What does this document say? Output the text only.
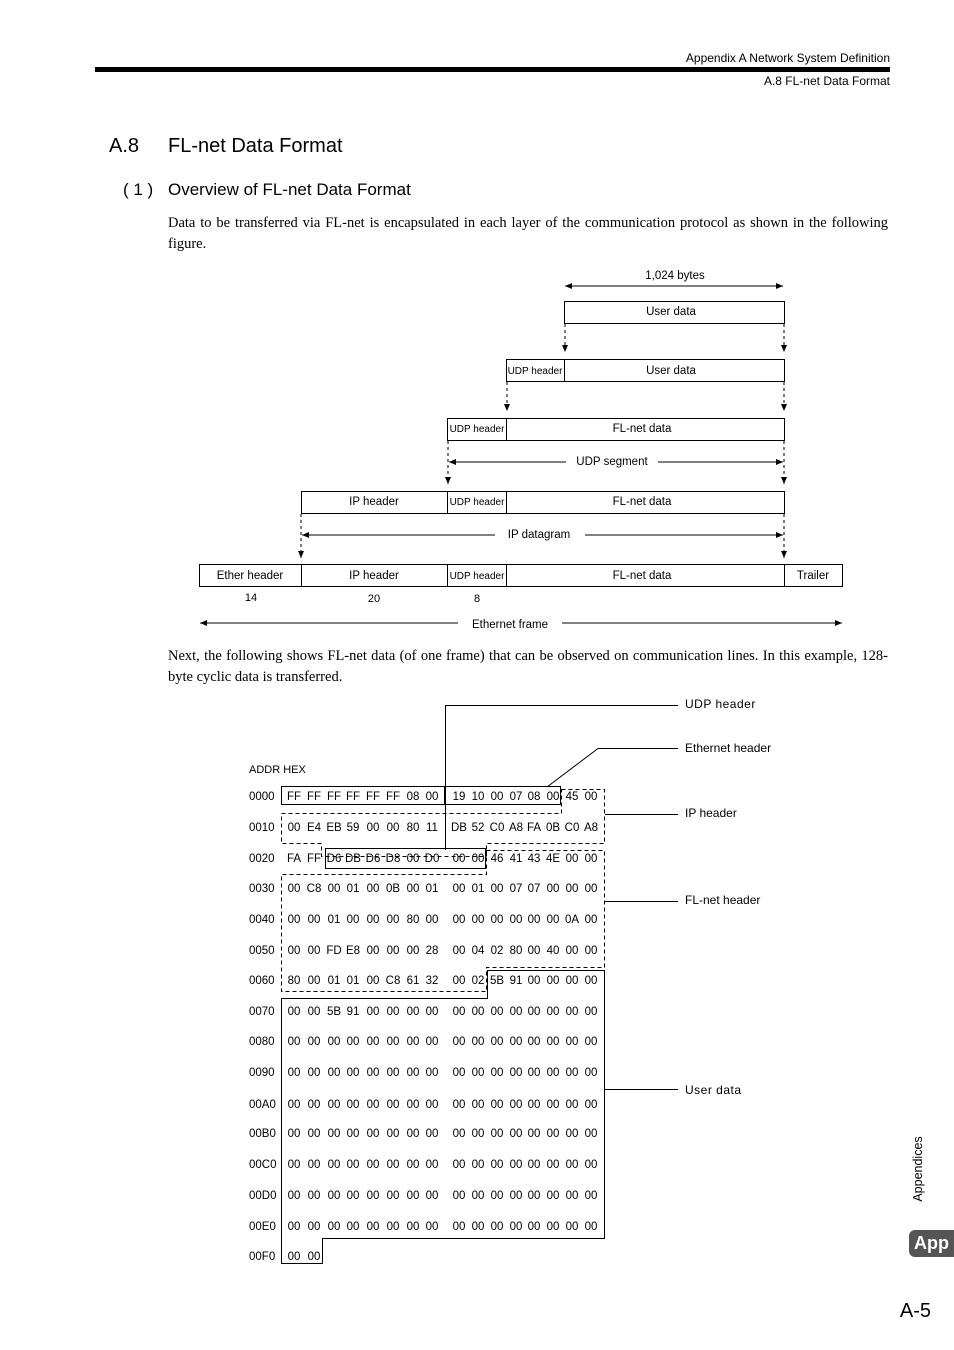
Appendix A Network System Definition
A.8 FL-net Data Format
A.8 FL-net Data Format
( 1 ) Overview of FL-net Data Format
Data to be transferred via FL-net is encapsulated in each layer of the communication protocol as shown in the following figure.
1,024 bytes
User data
UDP header	User data
UDP header	FL-net data
UDP segment
IP header	UDP header	FL-net data
IP datagram
Ether header	IP header	UDP header	FL-net data	Trailer
14	20	8
Ethernet frame
Next, the following shows FL-net data (of one frame) that can be observed on communication lines. In this example, 128-byte cyclic data is transferred.
UDP header
Ethernet header
IP header
FL-net header
User data
ADDR HEX
0000 FF FF FF FF FF FF 08 00 19 10 00 07 08 00 45 00
0010 00 E4 EB 59 00 00 80 11 DB 52 C0 A8 FA 0B C0 A8
0020 FA FF D6 DB D6 D8 00 D0 00 00 46 41 43 4E 00 00
0030 00 C8 00 01 00 0B 00 01 00 01 00 07 07 00 00 00
0040 00 00 01 00 00 00 80 00 00 00 00 00 00 00 0A 00
0050 00 00 FD E8 00 00 00 28 00 04 02 80 00 40 00 00
0060 80 00 01 01 00 C8 61 32 00 02 5B 91 00 00 00 00
0070 00 00 5B 91 00 00 00 00 00 00 00 00 00 00 00 00
0080 00 00 00 00 00 00 00 00 00 00 00 00 00 00 00 00
0090 00 00 00 00 00 00 00 00 00 00 00 00 00 00 00 00
00A0 00 00 00 00 00 00 00 00 00 00 00 00 00 00 00 00
00B0 00 00 00 00 00 00 00 00 00 00 00 00 00 00 00 00
00C0 00 00 00 00 00 00 00 00 00 00 00 00 00 00 00 00
00D0 00 00 00 00 00 00 00 00 00 00 00 00 00 00 00 00
00E0 00 00 00 00 00 00 00 00 00 00 00 00 00 00 00 00
00F0 00 00
Appendices
App
A-5
